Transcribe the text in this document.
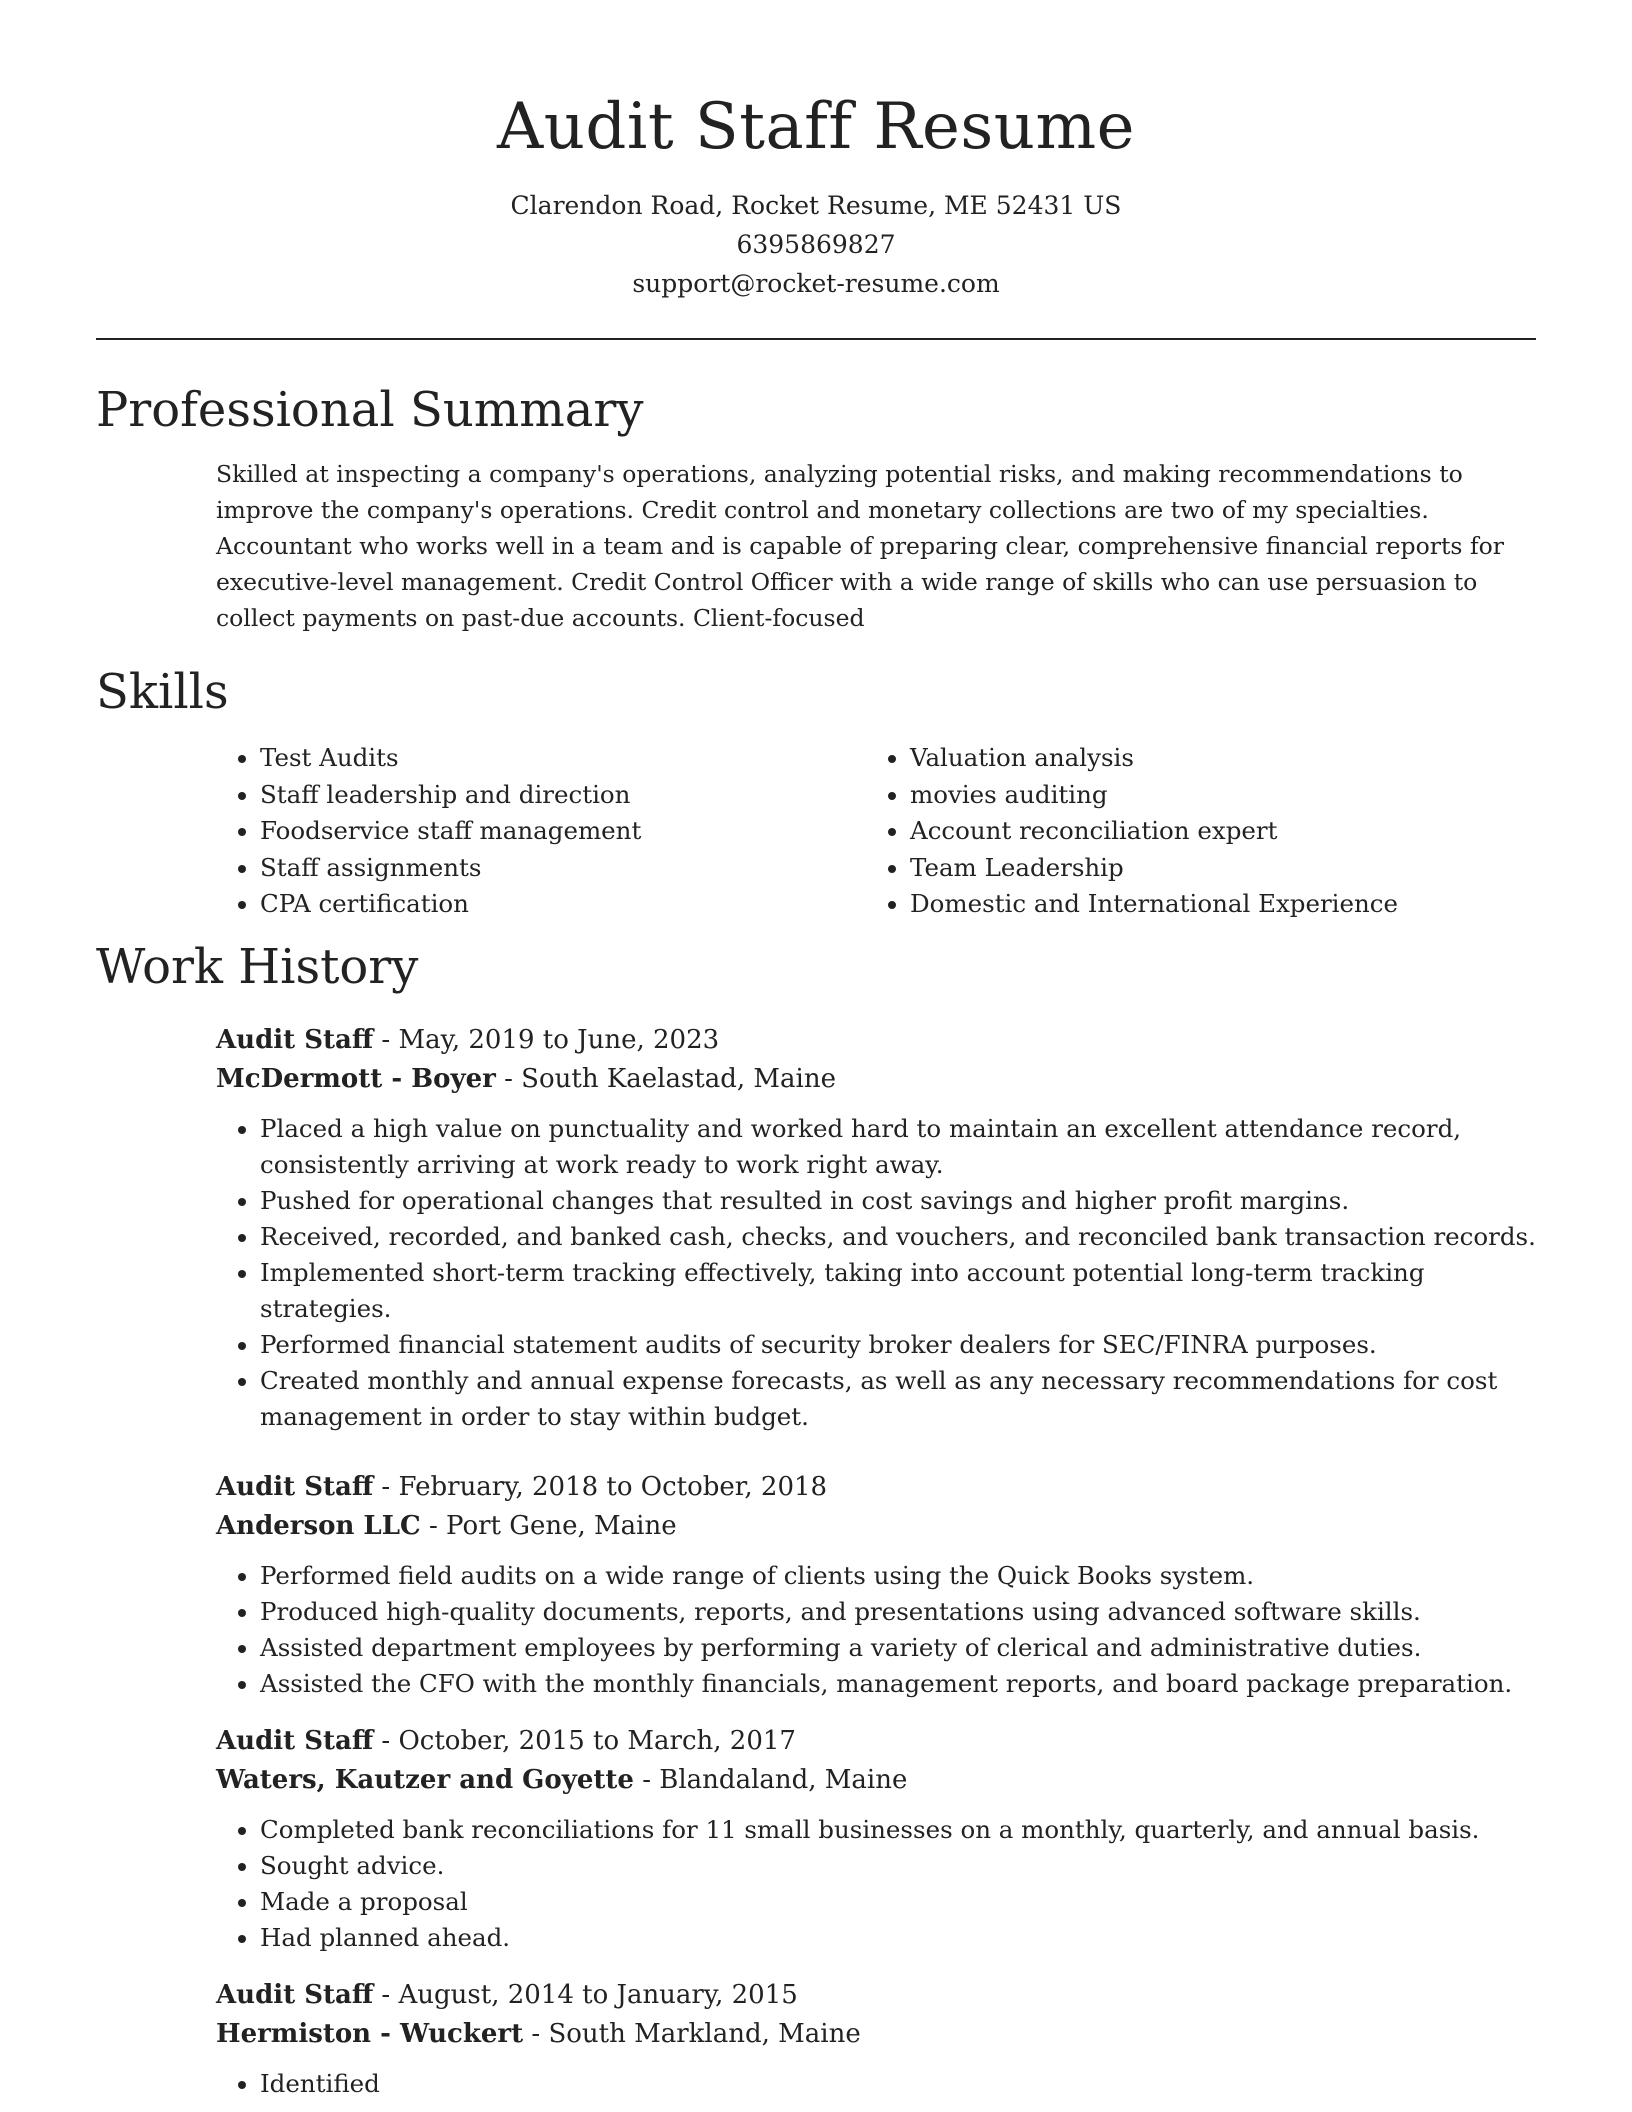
Audit Staff Resume
Clarendon Road, Rocket Resume, ME 52431 US
6395869827
support@rocket-resume.com
Professional Summary

Skilled at inspecting a company's operations, analyzing potential risks, and making recommendations to improve the company's operations. Credit control and monetary collections are two of my specialties. Accountant who works well in a team and is capable of preparing clear, comprehensive financial reports for executive-level management. Credit Control Officer with a wide range of skills who can use persuasion to collect payments on past-due accounts. Client-focused

Skills
• Test Audits
• Staff leadership and direction
• Foodservice staff management
• Staff assignments
• CPA certification
• Valuation analysis
• movies auditing
• Account reconciliation expert
• Team Leadership
• Domestic and International Experience
Work History
Audit Staff - May, 2019 to June, 2023
McDermott - Boyer - South Kaelastad, Maine
• Placed a high value on punctuality and worked hard to maintain an excellent attendance record, consistently arriving at work ready to work right away.
• Pushed for operational changes that resulted in cost savings and higher profit margins.
• Received, recorded, and banked cash, checks, and vouchers, and reconciled bank transaction records.
• Implemented short-term tracking effectively, taking into account potential long-term tracking strategies.
• Performed financial statement audits of security broker dealers for SEC/FINRA purposes.
• Created monthly and annual expense forecasts, as well as any necessary recommendations for cost management in order to stay within budget.
Audit Staff - February, 2018 to October, 2018
Anderson LLC - Port Gene, Maine
• Performed field audits on a wide range of clients using the Quick Books system.
• Produced high-quality documents, reports, and presentations using advanced software skills.
• Assisted department employees by performing a variety of clerical and administrative duties.
• Assisted the CFO with the monthly financials, management reports, and board package preparation.
Audit Staff - October, 2015 to March, 2017
Waters, Kautzer and Goyette - Blandaland, Maine
• Completed bank reconciliations for 11 small businesses on a monthly, quarterly, and annual basis.
• Sought advice.
• Made a proposal
• Had planned ahead.
Audit Staff - August, 2014 to January, 2015
Hermiston - Wuckert - South Markland, Maine
• Identified
